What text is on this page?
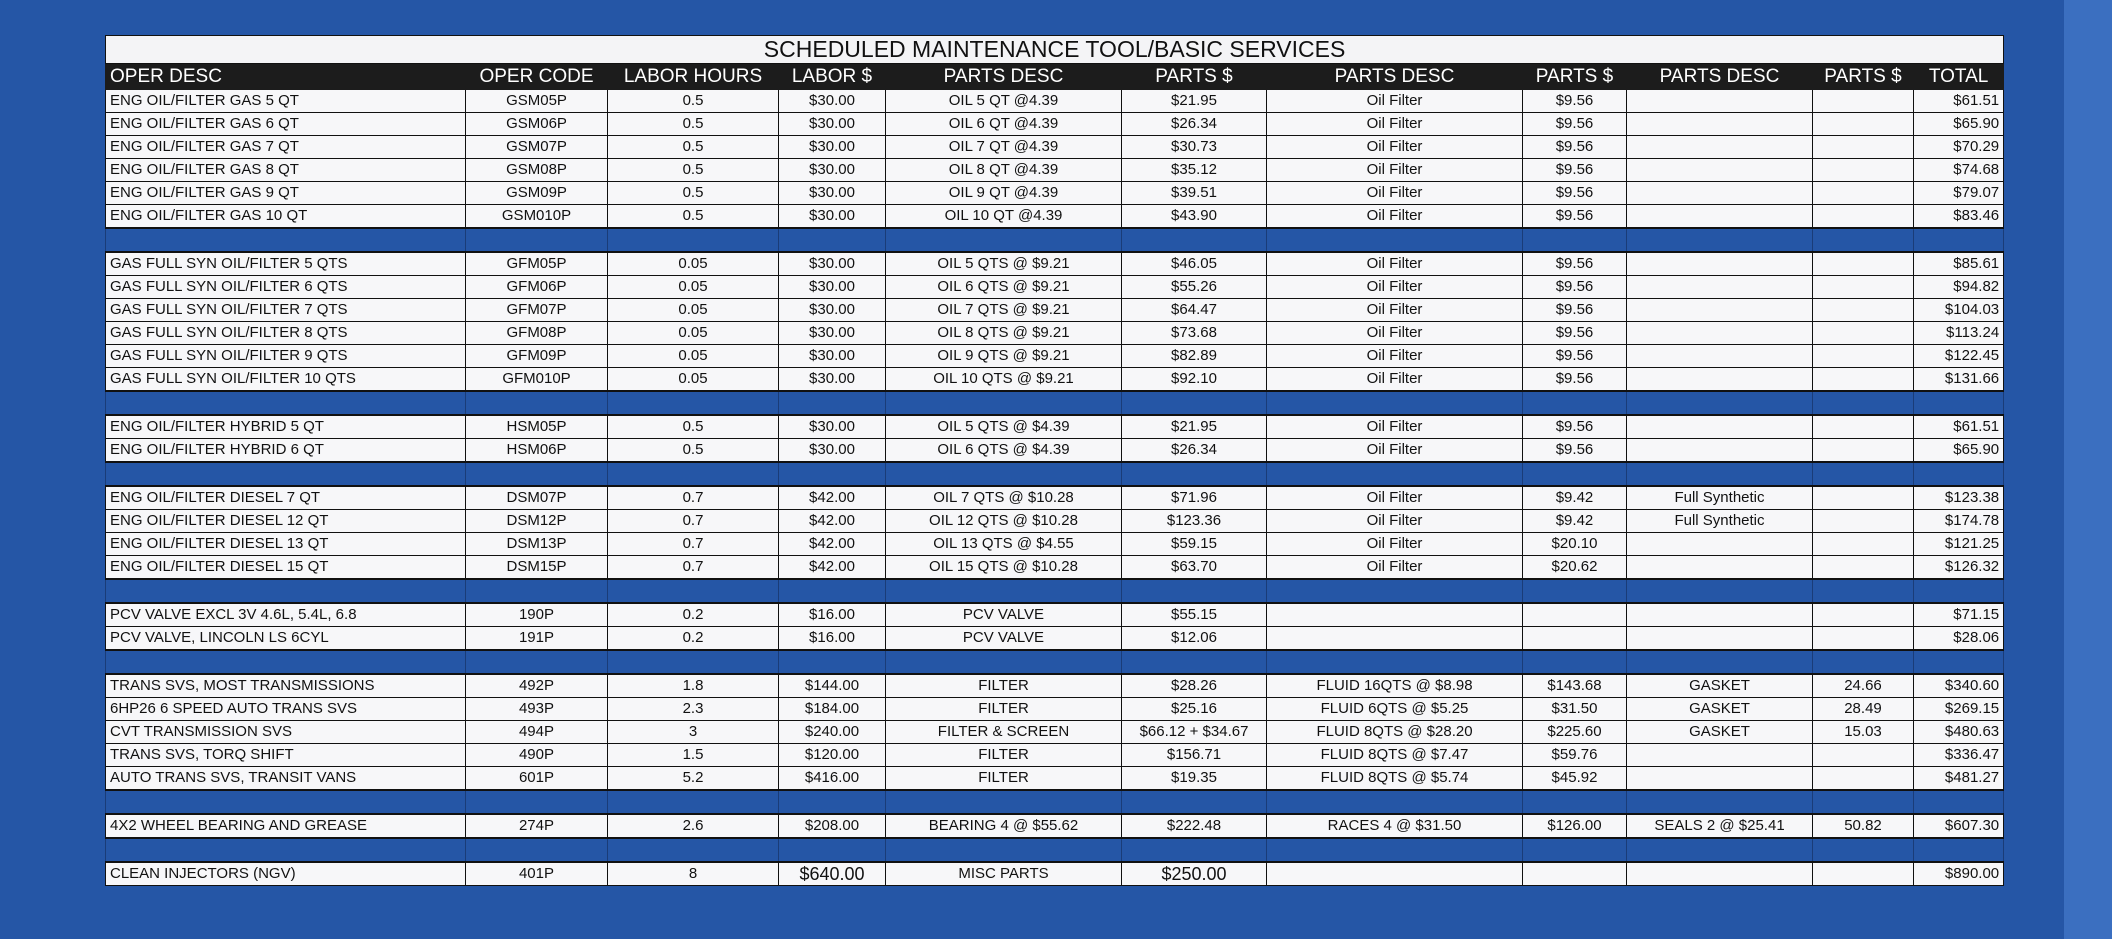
SCHEDULED MAINTENANCE TOOL/BASIC SERVICES										
OPER DESC	OPER CODE	LABOR HOURS	LABOR $	PARTS DESC	PARTS $	PARTS DESC	PARTS $	PARTS DESC	PARTS $	TOTAL
ENG OIL/FILTER GAS 5 QT	GSM05P	0.5	$30.00	OIL 5 QT @4.39	$21.95	Oil Filter	$9.56			$61.51
ENG OIL/FILTER GAS 6 QT	GSM06P	0.5	$30.00	OIL 6 QT @4.39	$26.34	Oil Filter	$9.56			$65.90
ENG OIL/FILTER GAS 7 QT	GSM07P	0.5	$30.00	OIL 7 QT @4.39	$30.73	Oil Filter	$9.56			$70.29
ENG OIL/FILTER GAS 8 QT	GSM08P	0.5	$30.00	OIL 8 QT @4.39	$35.12	Oil Filter	$9.56			$74.68
ENG OIL/FILTER GAS 9 QT	GSM09P	0.5	$30.00	OIL 9 QT @4.39	$39.51	Oil Filter	$9.56			$79.07
ENG OIL/FILTER GAS 10 QT	GSM010P	0.5	$30.00	OIL 10 QT @4.39	$43.90	Oil Filter	$9.56			$83.46

GAS FULL SYN OIL/FILTER 5 QTS	GFM05P	0.05	$30.00	OIL 5 QTS @ $9.21	$46.05	Oil Filter	$9.56			$85.61
GAS FULL SYN OIL/FILTER 6 QTS	GFM06P	0.05	$30.00	OIL 6 QTS @ $9.21	$55.26	Oil Filter	$9.56			$94.82
GAS FULL SYN OIL/FILTER 7 QTS	GFM07P	0.05	$30.00	OIL 7 QTS @ $9.21	$64.47	Oil Filter	$9.56			$104.03
GAS FULL SYN OIL/FILTER 8 QTS	GFM08P	0.05	$30.00	OIL 8 QTS @ $9.21	$73.68	Oil Filter	$9.56			$113.24
GAS FULL SYN OIL/FILTER 9 QTS	GFM09P	0.05	$30.00	OIL 9 QTS @ $9.21	$82.89	Oil Filter	$9.56			$122.45
GAS FULL SYN OIL/FILTER 10 QTS	GFM010P	0.05	$30.00	OIL 10 QTS @ $9.21	$92.10	Oil Filter	$9.56			$131.66

ENG OIL/FILTER HYBRID 5 QT	HSM05P	0.5	$30.00	OIL 5 QTS @ $4.39	$21.95	Oil Filter	$9.56			$61.51
ENG OIL/FILTER HYBRID 6 QT	HSM06P	0.5	$30.00	OIL 6 QTS @ $4.39	$26.34	Oil Filter	$9.56			$65.90

ENG OIL/FILTER DIESEL 7 QT	DSM07P	0.7	$42.00	OIL 7 QTS @ $10.28	$71.96	Oil Filter	$9.42	Full Synthetic		$123.38
ENG OIL/FILTER DIESEL 12 QT	DSM12P	0.7	$42.00	OIL 12 QTS @ $10.28	$123.36	Oil Filter	$9.42	Full Synthetic		$174.78
ENG OIL/FILTER DIESEL 13 QT	DSM13P	0.7	$42.00	OIL 13 QTS @ $4.55	$59.15	Oil Filter	$20.10			$121.25
ENG OIL/FILTER DIESEL 15 QT	DSM15P	0.7	$42.00	OIL 15 QTS @ $10.28	$63.70	Oil Filter	$20.62			$126.32

PCV VALVE EXCL 3V 4.6L, 5.4L, 6.8	190P	0.2	$16.00	PCV VALVE	$55.15					$71.15
PCV VALVE, LINCOLN LS 6CYL	191P	0.2	$16.00	PCV VALVE	$12.06					$28.06

TRANS SVS, MOST TRANSMISSIONS	492P	1.8	$144.00	FILTER	$28.26	FLUID 16QTS @ $8.98	$143.68	GASKET	24.66	$340.60
6HP26 6 SPEED AUTO TRANS SVS	493P	2.3	$184.00	FILTER	$25.16	FLUID 6QTS @ $5.25	$31.50	GASKET	28.49	$269.15
CVT TRANSMISSION SVS	494P	3	$240.00	FILTER & SCREEN	$66.12 + $34.67	FLUID 8QTS @ $28.20	$225.60	GASKET	15.03	$480.63
TRANS SVS, TORQ SHIFT	490P	1.5	$120.00	FILTER	$156.71	FLUID 8QTS @ $7.47	$59.76			$336.47
AUTO TRANS SVS, TRANSIT VANS	601P	5.2	$416.00	FILTER	$19.35	FLUID 8QTS @ $5.74	$45.92			$481.27

4X2 WHEEL BEARING AND GREASE	274P	2.6	$208.00	BEARING 4 @ $55.62	$222.48	RACES 4 @ $31.50	$126.00	SEALS 2 @ $25.41	50.82	$607.30

CLEAN INJECTORS (NGV)	401P	8	$640.00	MISC PARTS	$250.00					$890.00
